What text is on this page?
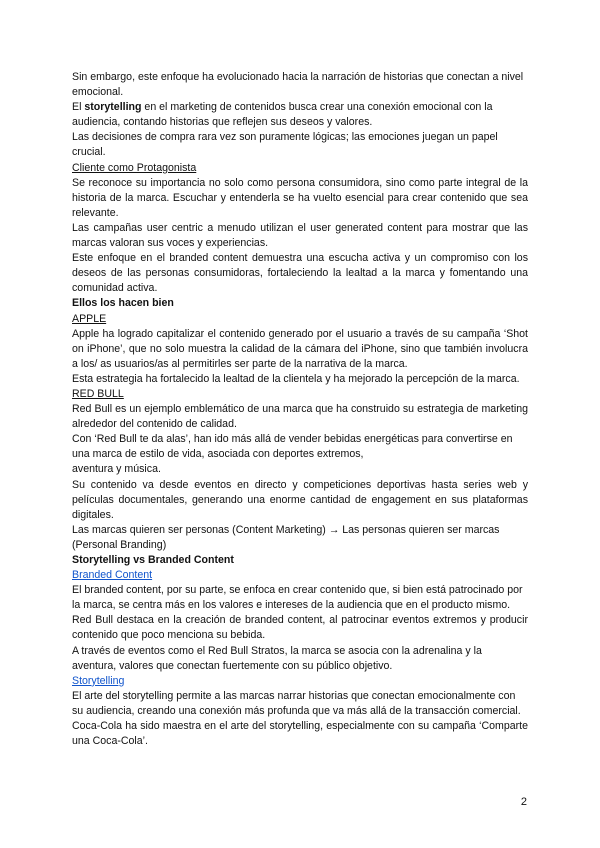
Sin embargo, este enfoque ha evolucionado hacia la narración de historias que conectan a nivel emocional.

El storytelling en el marketing de contenidos busca crear una conexión emocional con la audiencia, contando historias que reflejen sus deseos y valores.

Las decisiones de compra rara vez son puramente lógicas; las emociones juegan un papel crucial.

Cliente como Protagonista

Se reconoce su importancia no solo como persona consumidora, sino como parte integral de la historia de la marca. Escuchar y entenderla se ha vuelto esencial para crear contenido que sea relevante.

Las campañas user centric a menudo utilizan el user generated content para mostrar que las marcas valoran sus voces y experiencias.

Este enfoque en el branded content demuestra una escucha activa y un compromiso con los deseos de las personas consumidoras, fortaleciendo la lealtad a la marca y fomentando una comunidad activa.

Ellos los hacen bien

APPLE

Apple ha logrado capitalizar el contenido generado por el usuario a través de su campaña ‘Shot on iPhone’, que no solo muestra la calidad de la cámara del iPhone, sino que también involucra a los/ as usuarios/as al permitirles ser parte de la narrativa de la marca.

Esta estrategia ha fortalecido la lealtad de la clientela y ha mejorado la percepción de la marca.

RED BULL

Red Bull es un ejemplo emblemático de una marca que ha construido su estrategia de marketing alrededor del contenido de calidad.

Con ‘Red Bull te da alas’, han ido más allá de vender bebidas energéticas para convertirse en una marca de estilo de vida, asociada con deportes extremos,

aventura y música.

Su contenido va desde eventos en directo y competiciones deportivas hasta series web y películas documentales, generando una enorme cantidad de engagement en sus plataformas digitales.

Las marcas quieren ser personas (Content Marketing) → Las personas quieren ser marcas (Personal Branding)

Storytelling vs Branded Content

Branded Content

El branded content, por su parte, se enfoca en crear contenido que, si bien está patrocinado por la marca, se centra más en los valores e intereses de la audiencia que en el producto mismo.

Red Bull destaca en la creación de branded content, al patrocinar eventos extremos y producir contenido que poco menciona su bebida.

A través de eventos como el Red Bull Stratos, la marca se asocia con la adrenalina y la aventura, valores que conectan fuertemente con su público objetivo.

Storytelling

El arte del storytelling permite a las marcas narrar historias que conectan emocionalmente con su audiencia, creando una conexión más profunda que va más allá de la transacción comercial.

Coca-Cola ha sido maestra en el arte del storytelling, especialmente con su campaña ‘Comparte una Coca-Cola’.

2
